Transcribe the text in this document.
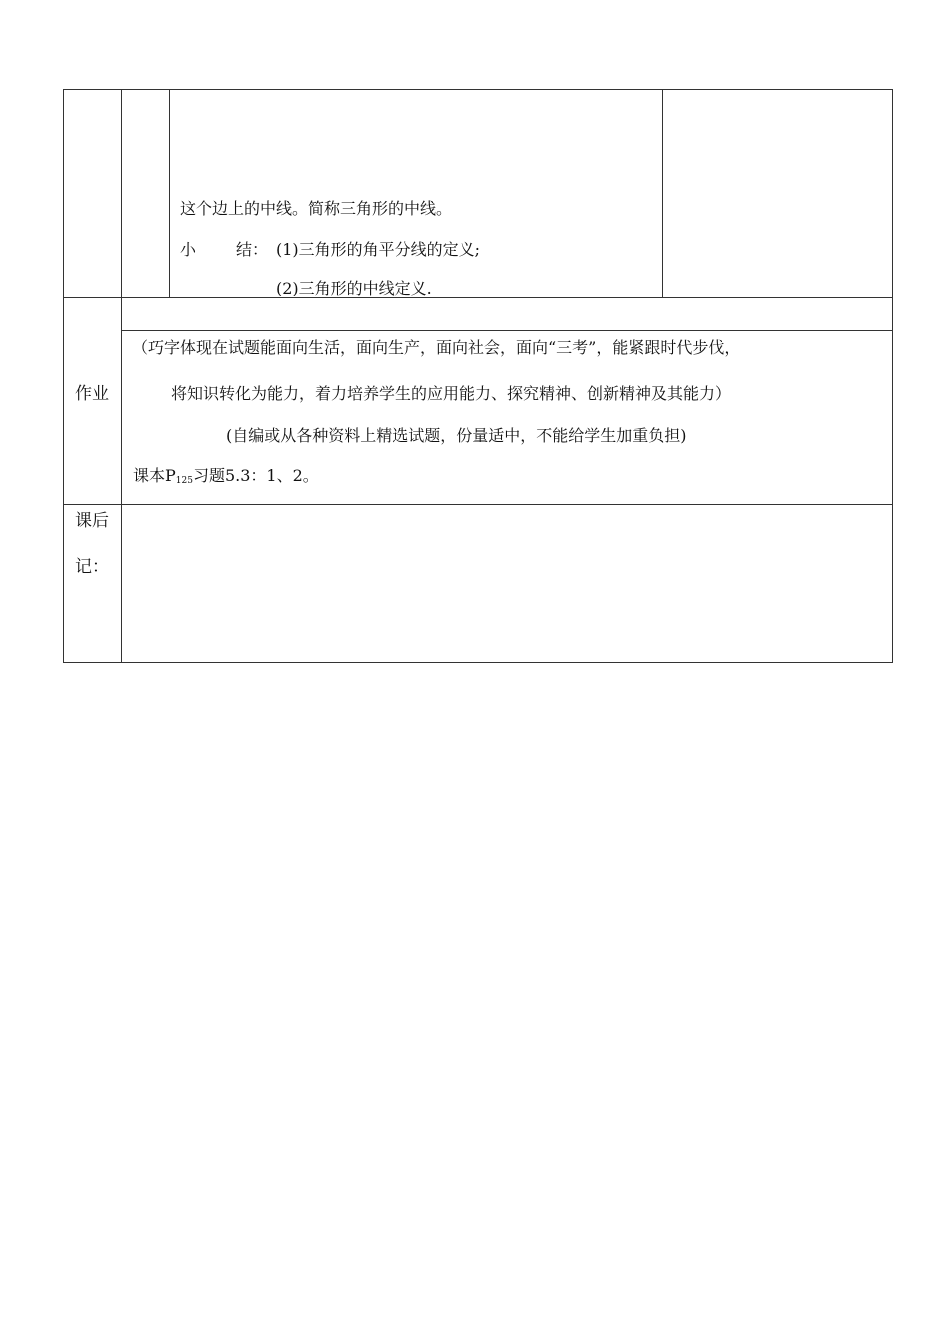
这个边上的中线。简称三角形的中线。
小 结： (1)三角形的角平分线的定义;
(2)三角形的中线定义.
作业
（巧字体现在试题能面向生活，面向生产，面向社会，面向“三考”，能紧跟时代步伐，
将知识转化为能力，着力培养学生的应用能力、探究精神、创新精神及其能力）
(自编或从各种资料上精选试题，份量适中，不能给学生加重负担)
课本P125习题5.3：1、2。
课后
记：
